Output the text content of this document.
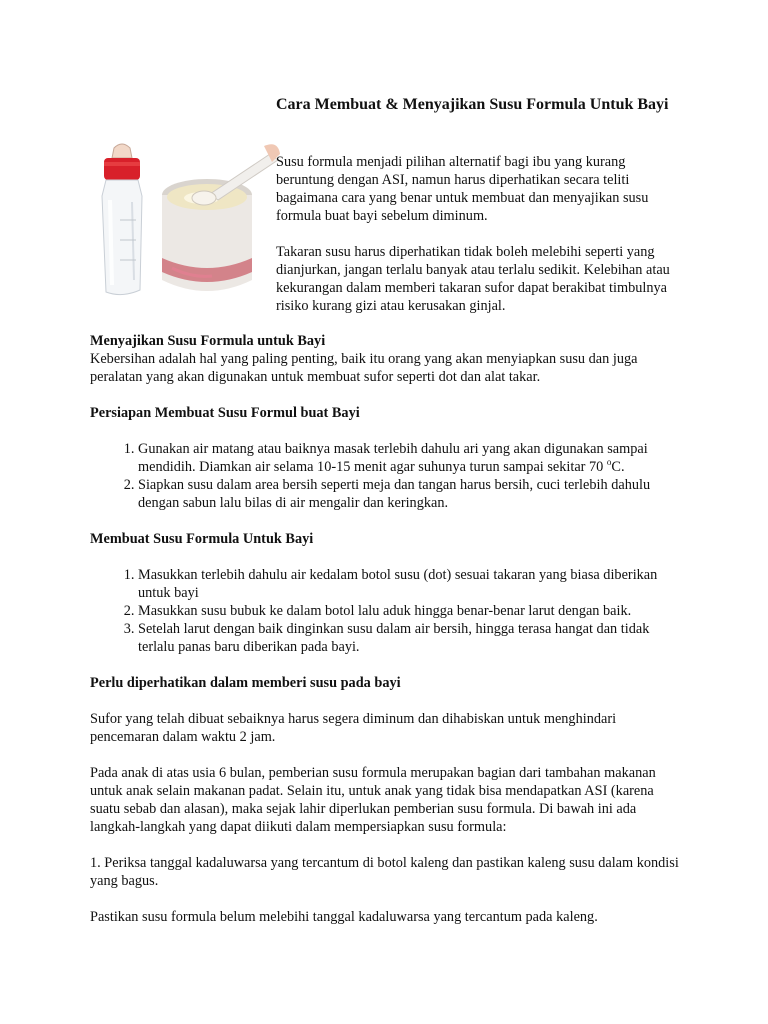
Cara Membuat & Menyajikan Susu Formula Untuk Bayi

Susu formula menjadi pilihan alternatif bagi ibu yang kurang beruntung dengan ASI, namun harus diperhatikan secara teliti bagaimana cara yang benar untuk membuat dan menyajikan susu formula buat bayi sebelum diminum.

Takaran susu harus diperhatikan tidak boleh melebihi seperti yang dianjurkan, jangan terlalu banyak atau terlalu sedikit. Kelebihan atau kekurangan dalam memberi takaran sufor dapat berakibat timbulnya risiko kurang gizi atau kerusakan ginjal.

Menyajikan Susu Formula untuk Bayi

Kebersihan adalah hal yang paling penting, baik itu orang yang akan menyiapkan susu dan juga peralatan yang akan digunakan untuk membuat sufor seperti dot dan alat takar.

Persiapan Membuat Susu Formul buat Bayi
1. Gunakan air matang atau baiknya masak terlebih dahulu ari yang akan digunakan sampai mendidih. Diamkan air selama 10-15 menit agar suhunya turun sampai sekitar 70 $^o$C.
2. Siapkan susu dalam area bersih seperti meja dan tangan harus bersih, cuci terlebih dahulu dengan sabun lalu bilas di air mengalir dan keringkan.
Membuat Susu Formula Untuk Bayi
1. Masukkan terlebih dahulu air kedalam botol susu (dot) sesuai takaran yang biasa diberikan untuk bayi
2. Masukkan susu bubuk ke dalam botol lalu aduk hingga benar-benar larut dengan baik.
3. Setelah larut dengan baik dinginkan susu dalam air bersih, hingga terasa hangat dan tidak terlalu panas baru diberikan pada bayi.
Perlu diperhatikan dalam memberi susu pada bayi

Sufor yang telah dibuat sebaiknya harus segera diminum dan dihabiskan untuk menghindari pencemaran dalam waktu 2 jam.

Pada anak di atas usia 6 bulan, pemberian susu formula merupakan bagian dari tambahan makanan untuk anak selain makanan padat. Selain itu, untuk anak yang tidak bisa mendapatkan ASI (karena suatu sebab dan alasan), maka sejak lahir diperlukan pemberian susu formula. Di bawah ini ada langkah-langkah yang dapat diikuti dalam mempersiapkan susu formula:

1. Periksa tanggal kadaluwarsa yang tercantum di botol kaleng dan pastikan kaleng susu dalam kondisi yang bagus.

Pastikan susu formula belum melebihi tanggal kadaluwarsa yang tercantum pada kaleng.
